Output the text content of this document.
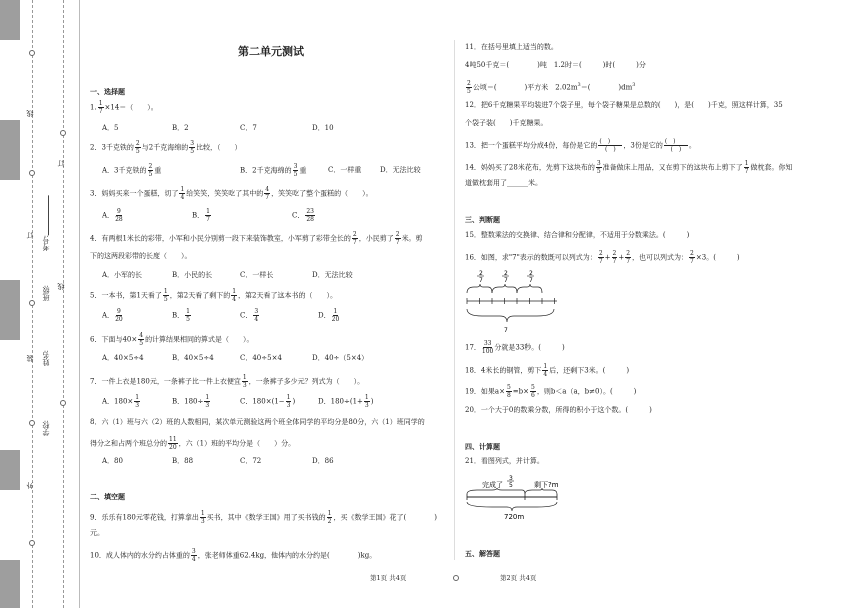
线
订
装
外
订
线
考号:
班级:
姓名:
学校:
第二单元测试
一、选择题
1. $\frac{1}{7} \times 14=$（　　）。
A．5	B．2	C．7	D．10
2．3千克铁的 $\frac{2}{5}$ 与2千克海绵的 $\frac{3}{5}$ 比较，（　　）
A．3千克铁的 $\frac{2}{5}$ 重	B．2千克海绵的 $\frac{3}{5}$ 重	C．一样重	D．无法比较
3．妈妈买来一个蛋糕，切了 $\frac{1}{4}$ 给笑笑，笑笑吃了其中的 $\frac{4}{7}$ ，笑笑吃了整个蛋糕的（　　）。
A． $\frac{9}{28}$	B． $\frac{1}{7}$	C． $\frac{23}{28}$
4．有两根1米长的彩带，小军和小民分别剪一段下来装饰教室，小军剪了彩带全长的 $\frac{2}{7}$ ，小民剪了 $\frac{2}{7}$ 米。剪
下的这两段彩带的长度（　　）。
A．小军的长	B．小民的长	C．一样长	D．无法比较
5．一本书，第1天看了 $\frac{1}{5}$ ，第2天看了剩下的 $\frac{1}{4}$ ，第2天看了这本书的（　　）。
A． $\frac{9}{20}$	B． $\frac{1}{5}$	C． $\frac{3}{4}$	D． $\frac{1}{20}$
6．下面与$40\times \frac{4}{5}$ 的计算结果相同的算式是（　　）。
A．40×5÷4	B．40×5÷4	C．40÷5×4	D．40÷（5×4）
7．一件上衣是180元，一条裤子比一件上衣便宜 $\frac{1}{3}$ ，一条裤子多少元？列式为（　　）。
A．$180\times \frac{1}{3}$	B．$180\div \frac{1}{3}$	C．$180\times(1- \frac{1}{3}$ )	D．$180\div(1+ \frac{1}{3}$ )
8．六（1）班与六（2）班的人数相同，某次单元测验这两个班全体同学的平均分是80分，六（1）班同学的
得分之和占两个班总分的 $\frac{11}{20}$ ，六（1）班的平均分是（　　）分。
A．80	B．88	C．72	D．86
二、填空题
9．乐乐有180元零花钱，打算拿出 $\frac{1}{3}$ 买书，其中《数学王国》用了买书钱的 $\frac{1}{2}$ ，买《数学王国》花了(　　　　)
元。
10．成人体内的水分约占体重的 $\frac{3}{4}$ ，张老师体重62.4kg，他体内的水分约是(　　　　)kg。
11．在括号里填上适当的数。
4吨50千克＝(　　　　)吨　1.2时＝(　　　)时(　　　)分
$\frac{2}{5}$ 公顷＝(　　　　)平方米　$2.02m^3=$(　　　　)$dm^3$
12．把6千克糖果平均装进7个袋子里，每个袋子糖果是总数的(　　)，是(　　)千克，照这样计算，35
个袋子装(　　)千克糖果。
13．把一个蛋糕平均分成4份，每份是它的 $\frac{( )}{( )}$ ，3份是它的 $\frac{( )}{( )}$ 。
14．妈妈买了28米花布，先剪下这块布的 $\frac{3}{5}$ 准备做床上用品，又在剪下的这块布上剪下了 $\frac{1}{7}$ 做枕套。你知
道做枕套用了______米。
三、判断题
15．整数乘法的交换律、结合律和分配律，不适用于分数乘法。(　　　)
16．如图，求"7"表示的数既可以列式为： $\frac{2}{7} + \frac{2}{7} + \frac{2}{7}$ ，也可以列式为： $\frac{2}{7} \times 3$。(　　　)
2
7
2
7
2
7
7
17． $\frac{33}{100}$ 分就是33秒。(　　　)
18．4米长的钢管，剪下 $\frac{1}{4}$ 后，还剩下3米。(　　　)
19．如果$a\times \frac{5}{8} =b\times \frac{5}{6}$ ，则b＜a（a，b≠0）。(　　　)
20．一个大于0的数乘分数，所得的积小于这个数。(　　　)
四、计算题
21．看图列式，并计算。
完成了
3
5	剩下?m
720m
五、解答题
第1页 共4页	第2页 共4页
